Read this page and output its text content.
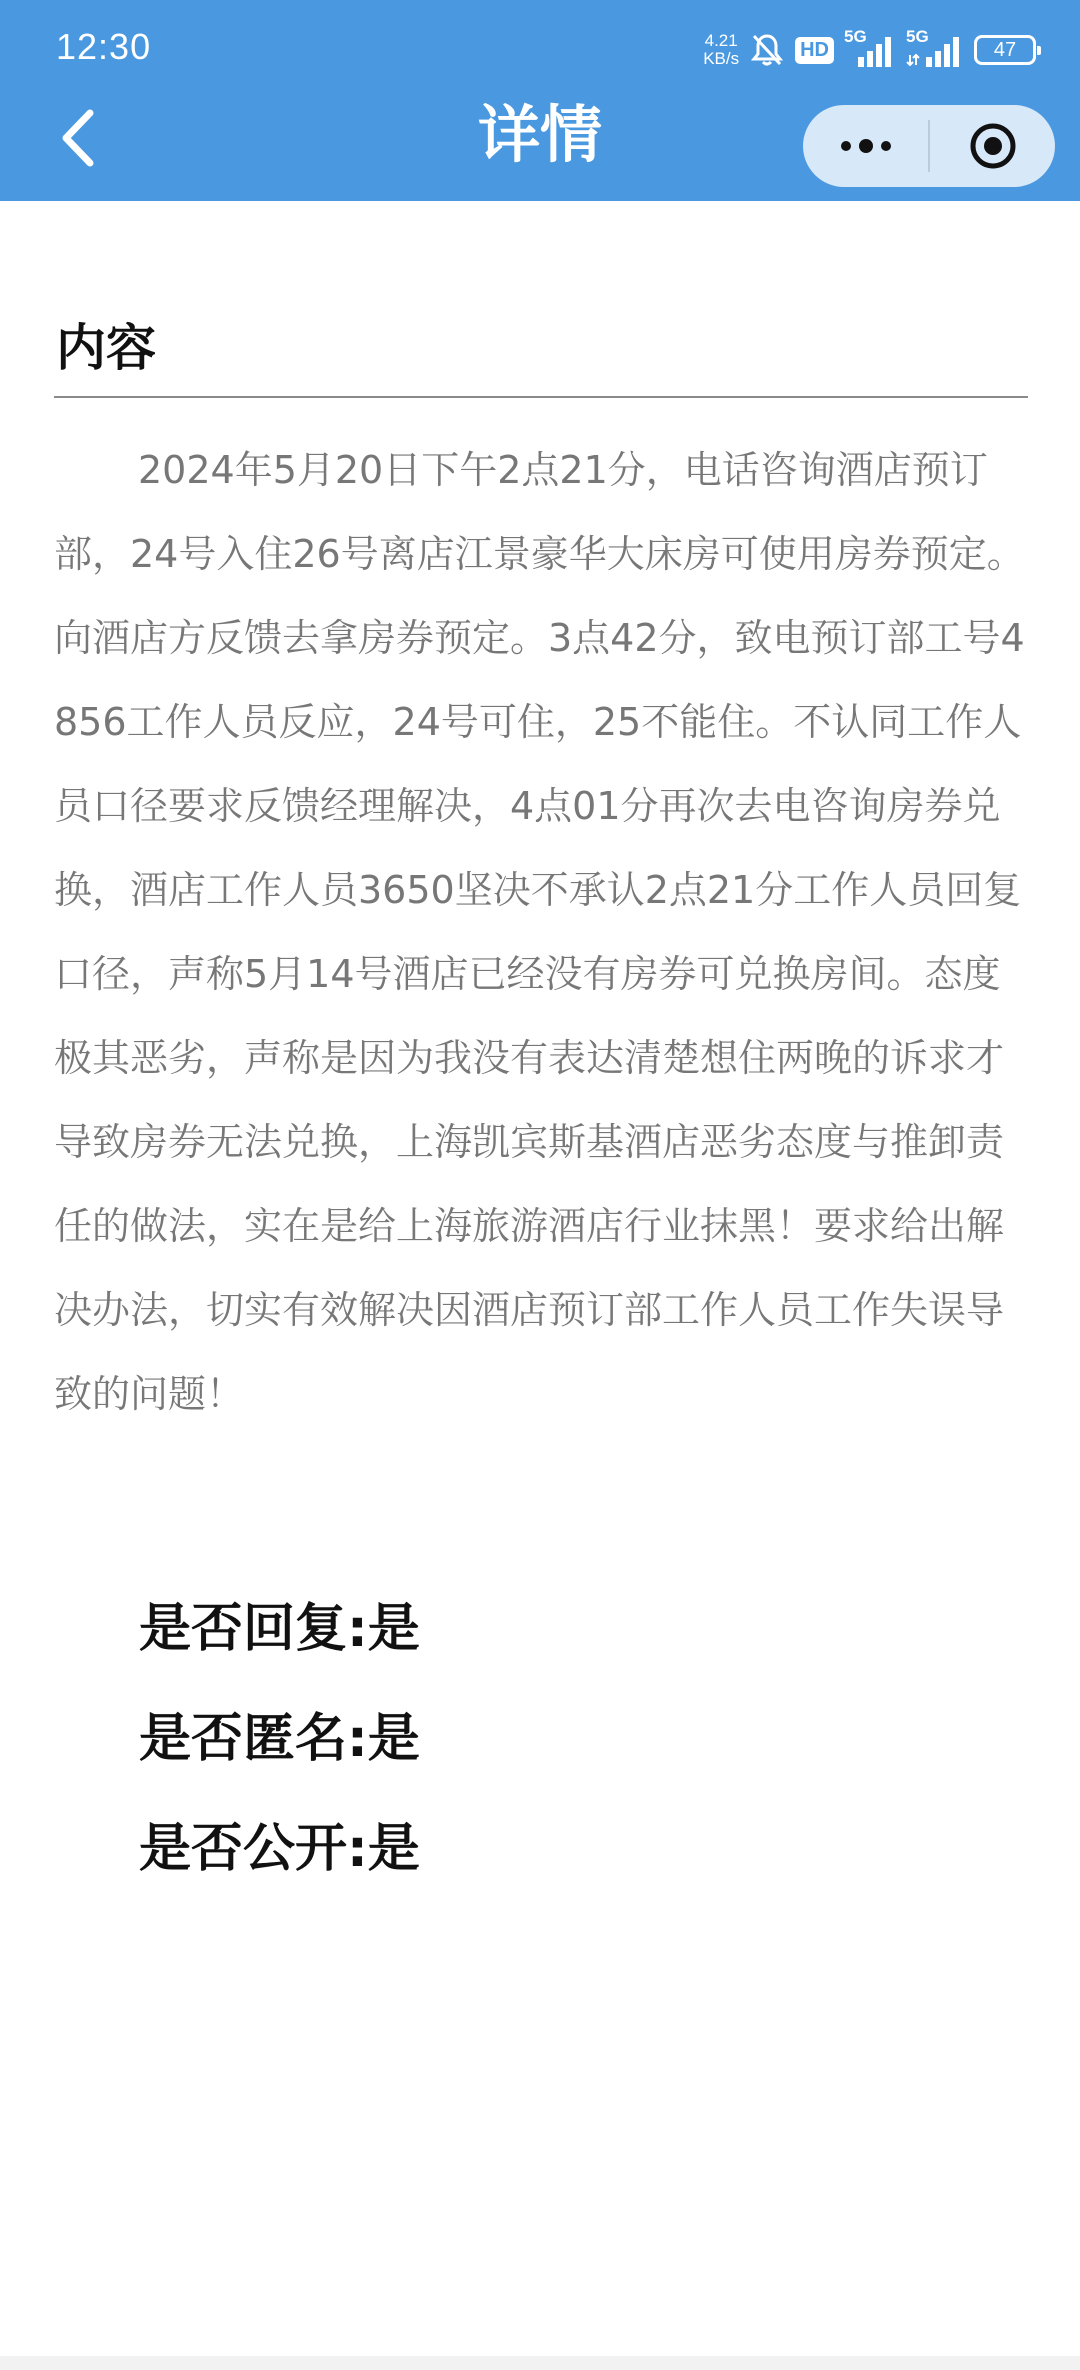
12:30	4.21
KB/s	HD
5G 5G
47
详情
内容

2024年5月20日下午2点21分，电话咨询酒店预订部，24号入住26号离店江景豪华大床房可使用房券预定。向酒店方反馈去拿房券预定。3点42分，致电预订部工号4856工作人员反应，24号可住，25不能住。不认同工作人员口径要求反馈经理解决，4点01分再次去电咨询房券兑换，酒店工作人员3650坚决不承认2点21分工作人员回复口径，声称5月14号酒店已经没有房券可兑换房间。态度极其恶劣，声称是因为我没有表达清楚想住两晚的诉求才导致房券无法兑换，上海凯宾斯基酒店恶劣态度与推卸责任的做法，实在是给上海旅游酒店行业抹黑！要求给出解决办法，切实有效解决因酒店预订部工作人员工作失误导致的问题！

是否回复:是
是否匿名:是
是否公开:是
